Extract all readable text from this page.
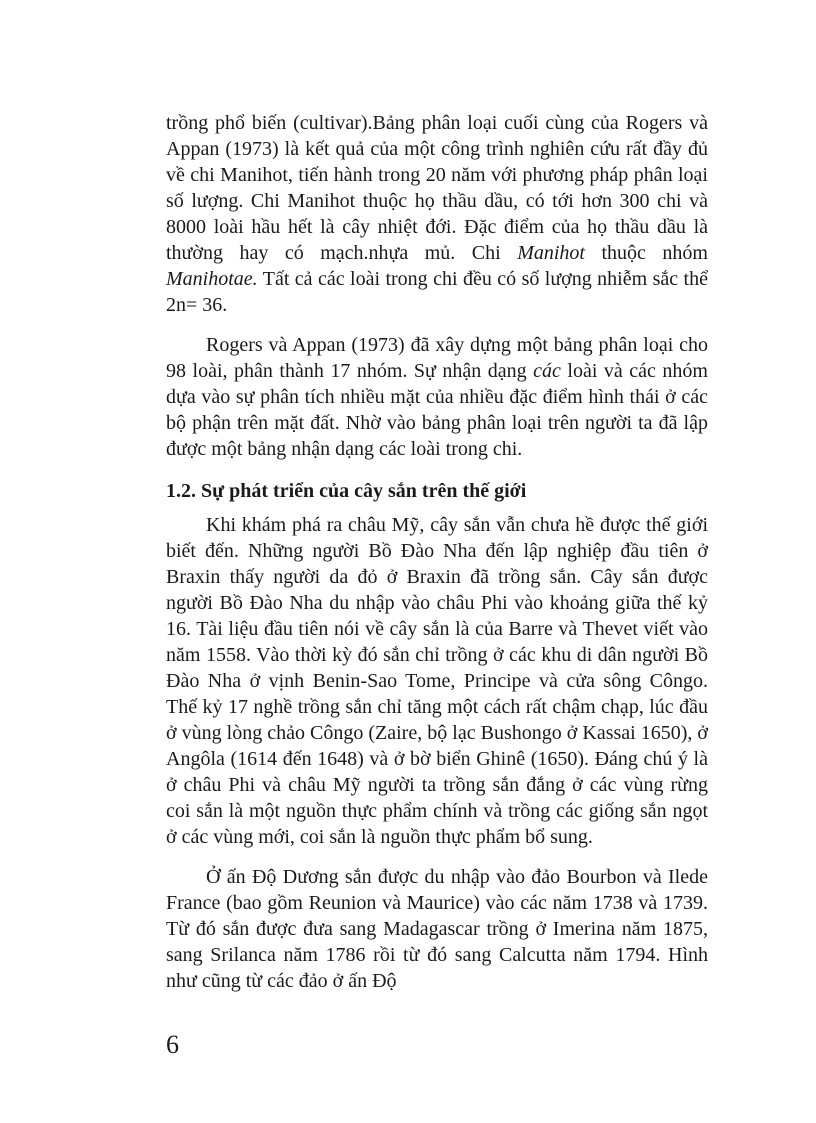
trồng phổ biến (cultivar).Bảng phân loại cuối cùng của Rogers và Appan (1973) là kết quả của một công trình nghiên cứu rất đầy đủ về chi Manihot, tiến hành trong 20 năm với phương pháp phân loại số lượng. Chi Manihot thuộc họ thầu dầu, có tới hơn 300 chi và 8000 loài hầu hết là cây nhiệt đới. Đặc điểm của họ thầu dầu là thường hay có mạch.nhựa mủ. Chi Manihot thuộc nhóm Manihotae. Tất cả các loài trong chi đều có số lượng nhiễm sắc thể 2n= 36.

Rogers và Appan (1973) đã xây dựng một bảng phân loại cho 98 loài, phân thành 17 nhóm. Sự nhận dạng các loài và các nhóm dựa vào sự phân tích nhiều mặt của nhiều đặc điểm hình thái ở các bộ phận trên mặt đất. Nhờ vào bảng phân loại trên người ta đã lập được một bảng nhận dạng các loài trong chi.

1.2. Sự phát triển của cây sắn trên thế giới

Khi khám phá ra châu Mỹ, cây sắn vẫn chưa hề được thế giới biết đến. Những người Bồ Đào Nha đến lập nghiệp đầu tiên ở Braxin thấy người da đỏ ở Braxin đã trồng sắn. Cây sắn được người Bồ Đào Nha du nhập vào châu Phi vào khoảng giữa thế kỷ 16. Tài liệu đầu tiên nói về cây sắn là của Barre và Thevet viết vào năm 1558. Vào thời kỳ đó sắn chỉ trồng ở các khu di dân người Bồ Đào Nha ở vịnh Benin-Sao Tome, Principe và cửa sông Côngo. Thế kỷ 17 nghề trồng sắn chỉ tăng một cách rất chậm chạp, lúc đầu ở vùng lòng chảo Côngo (Zaire, bộ lạc Bushongo ở Kassai 1650), ở Angôla (1614 đến 1648) và ở bờ biển Ghinê (1650). Đáng chú ý là ở châu Phi và châu Mỹ người ta trồng sắn đắng ở các vùng rừng coi sắn là một nguồn thực phẩm chính và trồng các giống sắn ngọt ở các vùng mới, coi sắn là nguồn thực phẩm bổ sung.

Ở ấn Độ Dương sắn được du nhập vào đảo Bourbon và Ilede France (bao gồm Reunion và Maurice) vào các năm 1738 và 1739. Từ đó sắn được đưa sang Madagascar trồng ở Imerina năm 1875, sang Srilanca năm 1786 rồi từ đó sang Calcutta năm 1794. Hình như cũng từ các đảo ở ấn Độ

6
